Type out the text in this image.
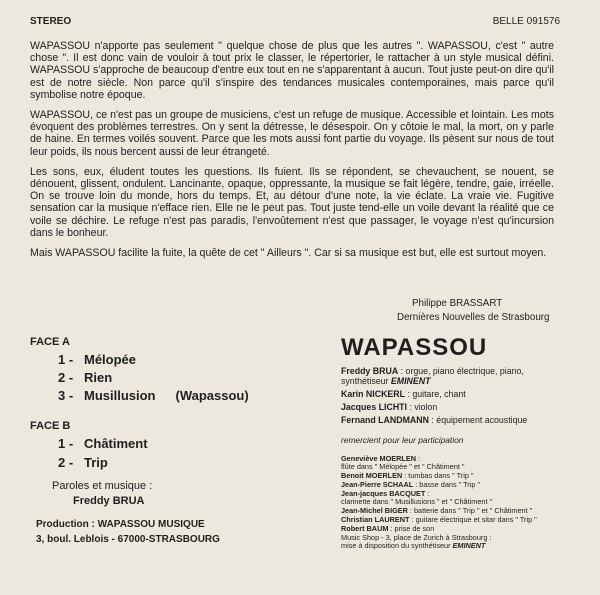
STEREO	BELLE 091576

WAPASSOU n'apporte pas seulement " quelque chose de plus que les autres ". WAPASSOU, c'est " autre chose ". Il est donc vain de vouloir à tout prix le classer, le répertorier, le rattacher à un style musical défini. WAPASSOU s'approche de beaucoup d'entre eux tout en ne s'apparentant à aucun. Tout juste peut-on dire qu'il est de notre siècle. Non parce qu'il s'inspire des tendances musicales contemporaines, mais parce qu'il symbolise notre époque.

WAPASSOU, ce n'est pas un groupe de musiciens, c'est un refuge de musique. Accessible et lointain. Les mots évoquent des problèmes terrestres. On y sent la détresse, le désespoir. On y côtoie le mal, la mort, on y parle de haine. En termes voilés souvent. Parce que les mots aussi font partie du voyage. Ils pèsent sur nous de tout leur poids, ils nous bercent aussi de leur étrangeté.

Les sons, eux, éludent toutes les questions. Ils fuient. Ils se répondent, se chevauchent, se nouent, se dénouent, glissent, ondulent. Lancinante, opaque, oppressante, la musique se fait légère, tendre, gaie, irréelle. On se trouve loin du monde, hors du temps. Et, au détour d'une note, la vie éclate. La vraie vie. Fugitive sensation car la musique n'efface rien. Elle ne le peut pas. Tout juste tend-elle un voile devant la réalité que ce voile se déchire. Le refuge n'est pas paradis, l'envoûtement n'est que passager, le voyage n'est qu'incursion dans le bonheur.

Mais WAPASSOU facilite la fuite, la quête de cet " Ailleurs ". Car si sa musique est but, elle est surtout moyen.

Philippe BRASSART
Dernières Nouvelles de Strasbourg
FACE A
1 - Mélopée
2 - Rien
3 - Musillusion (Wapassou)
FACE B
1 - Châtiment
2 - Trip
Paroles et musique :
Freddy BRUA
Production : WAPASSOU MUSIQUE
3, boul. Leblois - 67000-STRASBOURG
WAPASSOU
Freddy BRUA : orgue, piano électrique, piano,
synthétiseur EMINENT
Karin NICKERL : guitare, chant
Jacques LICHTI : violon
Fernand LANDMANN : équipement acoustique
remercient pour leur participation
Geneviève MOERLEN :
flûte dans " Mélopée " et " Châtiment "
Benoit MOERLEN : tumbas dans " Trip "
Jean-Pierre SCHAAL : basse dans " Trip "
Jean-jacques BACQUET :
clarinette dans " Musillusions " et " Châtiment "
Jean-Michel BIGER : batterie dans " Trip " et " Châtiment "
Christian LAURENT : guitare électrique et sitar dans " Trip "
Robert BAUM : prise de son
Music Shop - 3, place de Zurich à Strasbourg :
mise à disposition du synthétiseur EMINENT
